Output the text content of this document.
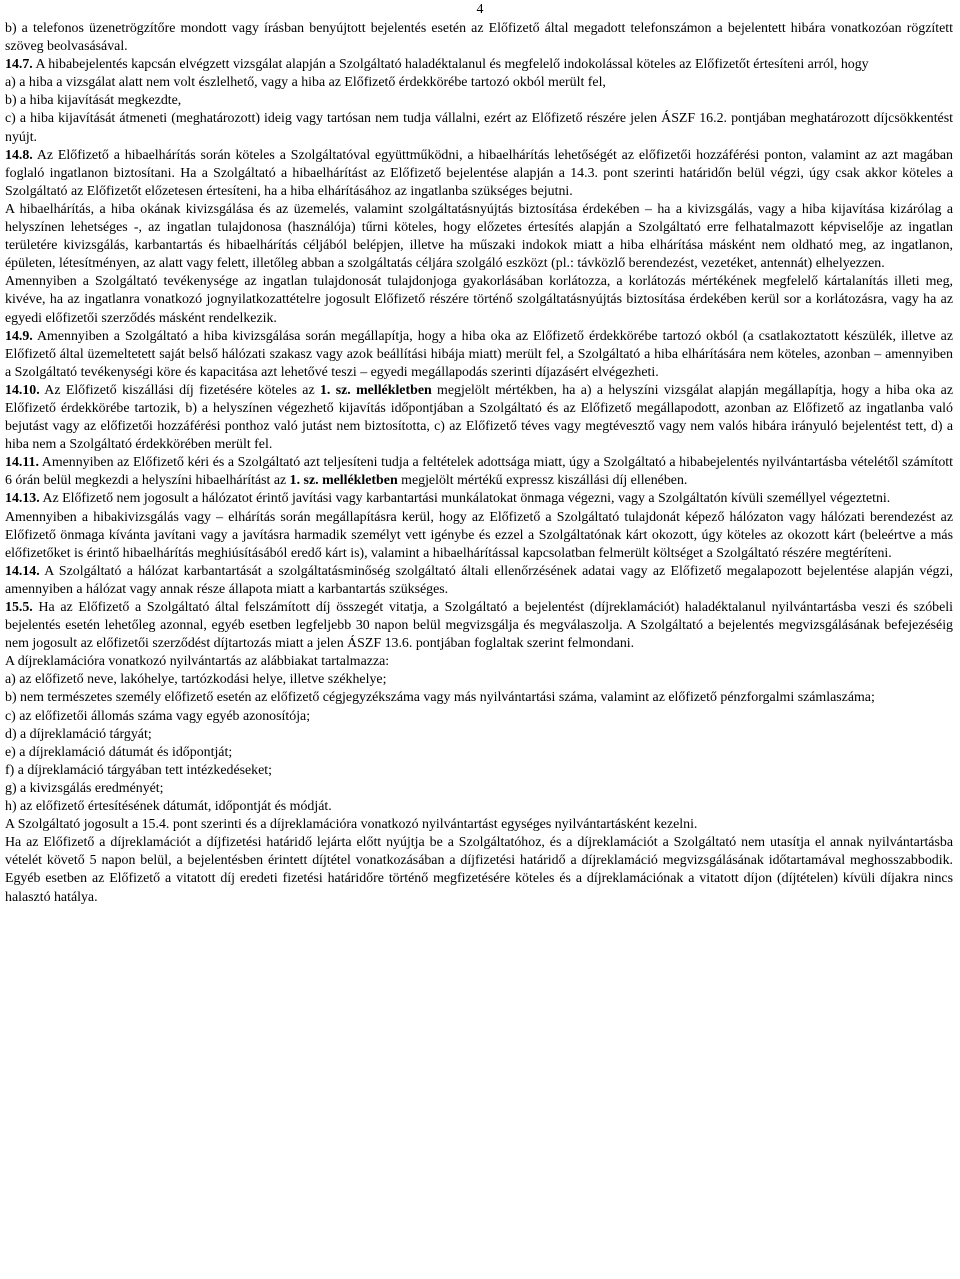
4

b) a telefonos üzenetrögzítőre mondott vagy írásban benyújtott bejelentés esetén az Előfizető által megadott telefonszámon a bejelentett hibára vonatkozóan rögzített szöveg beolvasásával.

14.7. A hibabejelentés kapcsán elvégzett vizsgálat alapján a Szolgáltató haladéktalanul és megfelelő indokolással köteles az Előfizetőt értesíteni arról, hogy

a) a hiba a vizsgálat alatt nem volt észlelhető, vagy a hiba az Előfizető érdekkörébe tartozó okból merült fel,

b) a hiba kijavítását megkezdte,

c) a hiba kijavítását átmeneti (meghatározott) ideig vagy tartósan nem tudja vállalni, ezért az Előfizető részére jelen ÁSZF 16.2. pontjában meghatározott díjcsökkentést nyújt.

14.8. Az Előfizető a hibaelhárítás során köteles a Szolgáltatóval együttműködni, a hibaelhárítás lehetőségét az előfizetői hozzáférési ponton, valamint az azt magában foglaló ingatlanon biztosítani. Ha a Szolgáltató a hibaelhárítást az Előfizető bejelentése alapján a 14.3. pont szerinti határidőn belül végzi, úgy csak akkor köteles a Szolgáltató az Előfizetőt előzetesen értesíteni, ha a hiba elhárításához az ingatlanba szükséges bejutni.

A hibaelhárítás, a hiba okának kivizsgálása és az üzemelés, valamint szolgáltatásnyújtás biztosítása érdekében – ha a kivizsgálás, vagy a hiba kijavítása kizárólag a helyszínen lehetséges -, az ingatlan tulajdonosa (használója) tűrni köteles, hogy előzetes értesítés alapján a Szolgáltató erre felhatalmazott képviselője az ingatlan területére kivizsgálás, karbantartás és hibaelhárítás céljából belépjen, illetve ha műszaki indokok miatt a hiba elhárítása másként nem oldható meg, az ingatlanon, épületen, létesítményen, az alatt vagy felett, illetőleg abban a szolgáltatás céljára szolgáló eszközt (pl.: távközlő berendezést, vezetéket, antennát) elhelyezzen.

Amennyiben a Szolgáltató tevékenysége az ingatlan tulajdonosát tulajdonjoga gyakorlásában korlátozza, a korlátozás mértékének megfelelő kártalanítás illeti meg, kivéve, ha az ingatlanra vonatkozó jognyilatkozattételre jogosult Előfizető részére történő szolgáltatásnyújtás biztosítása érdekében kerül sor a korlátozásra, vagy ha az egyedi előfizetői szerződés másként rendelkezik.

14.9. Amennyiben a Szolgáltató a hiba kivizsgálása során megállapítja, hogy a hiba oka az Előfizető érdekkörébe tartozó okból (a csatlakoztatott készülék, illetve az Előfizető által üzemeltetett saját belső hálózati szakasz vagy azok beállítási hibája miatt) merült fel, a Szolgáltató a hiba elhárítására nem köteles, azonban – amennyiben a Szolgáltató tevékenységi köre és kapacitása azt lehetővé teszi – egyedi megállapodás szerinti díjazásért elvégezheti.

14.10. Az Előfizető kiszállási díj fizetésére köteles az 1. sz. mellékletben megjelölt mértékben, ha a) a helyszíni vizsgálat alapján megállapítja, hogy a hiba oka az Előfizető érdekkörébe tartozik, b) a helyszínen végezhető kijavítás időpontjában a Szolgáltató és az Előfizető megállapodott, azonban az Előfizető az ingatlanba való bejutást vagy az előfizetői hozzáférési ponthoz való jutást nem biztosította, c) az Előfizető téves vagy megtévesztő vagy nem valós hibára irányuló bejelentést tett, d) a hiba nem a Szolgáltató érdekkörében merült fel.

14.11. Amennyiben az Előfizető kéri és a Szolgáltató azt teljesíteni tudja a feltételek adottsága miatt, úgy a Szolgáltató a hibabejelentés nyilvántartásba vételétől számított 6 órán belül megkezdi a helyszíni hibaelhárítást az 1. sz. mellékletben megjelölt mértékű expressz kiszállási díj ellenében.

14.13. Az Előfizető nem jogosult a hálózatot érintő javítási vagy karbantartási munkálatokat önmaga végezni, vagy a Szolgáltatón kívüli személlyel végeztetni.

Amennyiben a hibakivizsgálás vagy – elhárítás során megállapításra kerül, hogy az Előfizető a Szolgáltató tulajdonát képező hálózaton vagy hálózati berendezést az Előfizető önmaga kívánta javítani vagy a javításra harmadik személyt vett igénybe és ezzel a Szolgáltatónak kárt okozott, úgy köteles az okozott kárt (beleértve a más előfizetőket is érintő hibaelhárítás meghiúsításából eredő kárt is), valamint a hibaelhárítással kapcsolatban felmerült költséget a Szolgáltató részére megtéríteni.

14.14. A Szolgáltató a hálózat karbantartását a szolgáltatásminőség szolgáltató általi ellenőrzésének adatai vagy az Előfizető megalapozott bejelentése alapján végzi, amennyiben a hálózat vagy annak része állapota miatt a karbantartás szükséges.

15.5. Ha az Előfizető a Szolgáltató által felszámított díj összegét vitatja, a Szolgáltató a bejelentést (díjreklamációt) haladéktalanul nyilvántartásba veszi és szóbeli bejelentés esetén lehetőleg azonnal, egyéb esetben legfeljebb 30 napon belül megvizsgálja és megválaszolja. A Szolgáltató a bejelentés megvizsgálásának befejezéséig nem jogosult az előfizetői szerződést díjtartozás miatt a jelen ÁSZF 13.6. pontjában foglaltak szerint felmondani.

A díjreklamációra vonatkozó nyilvántartás az alábbiakat tartalmazza:

a) az előfizető neve, lakóhelye, tartózkodási helye, illetve székhelye;

b) nem természetes személy előfizető esetén az előfizető cégjegyzékszáma vagy más nyilvántartási száma, valamint az előfizető pénzforgalmi számlaszáma;

c) az előfizetői állomás száma vagy egyéb azonosítója;

d) a díjreklamáció tárgyát;

e) a díjreklamáció dátumát és időpontját;

f) a díjreklamáció tárgyában tett intézkedéseket;

g) a kivizsgálás eredményét;

h) az előfizető értesítésének dátumát, időpontját és módját.

A Szolgáltató jogosult a 15.4. pont szerinti és a díjreklamációra vonatkozó nyilvántartást egységes nyilvántartásként kezelni.

Ha az Előfizető a díjreklamációt a díjfizetési határidő lejárta előtt nyújtja be a Szolgáltatóhoz, és a díjreklamációt a Szolgáltató nem utasítja el annak nyilvántartásba vételét követő 5 napon belül, a bejelentésben érintett díjtétel vonatkozásában a díjfizetési határidő a díjreklamáció megvizsgálásának időtartamával meghosszabbodik. Egyéb esetben az Előfizető a vitatott díj eredeti fizetési határidőre történő megfizetésére köteles és a díjreklamációnak a vitatott díjon (díjtételen) kívüli díjakra nincs halasztó hatálya.
